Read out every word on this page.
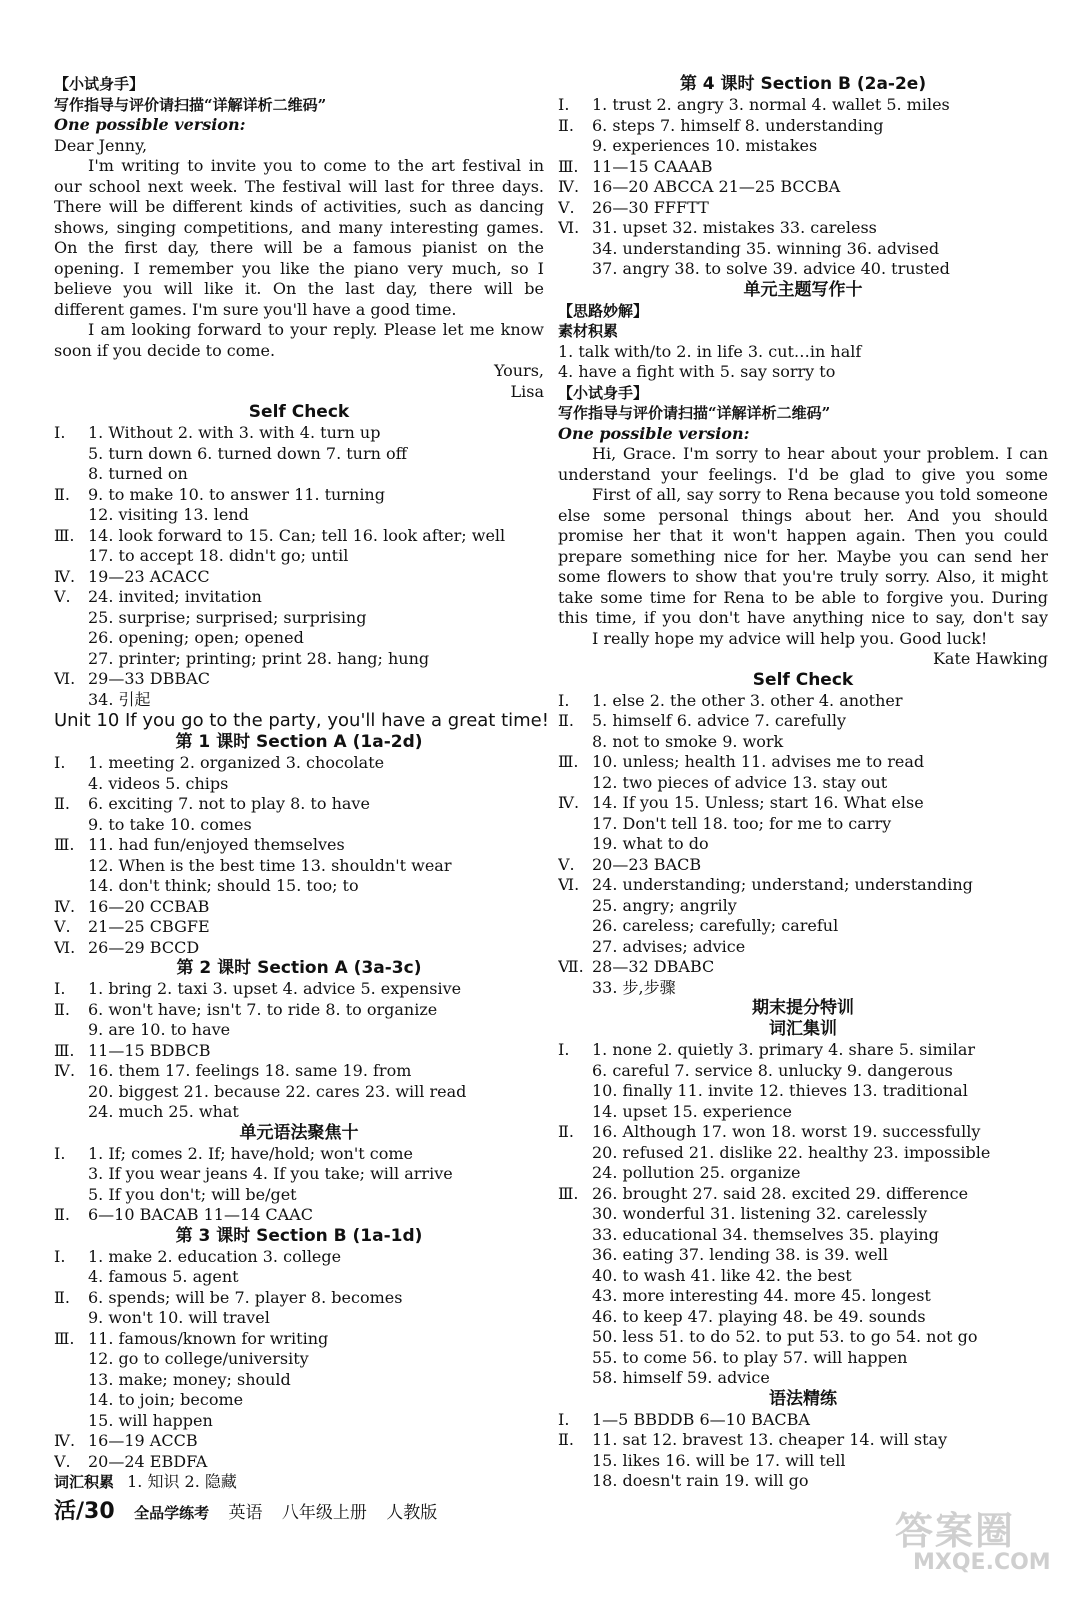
【小试身手】
写作指导与评价请扫描“详解详析二维码”
One possible version:
Dear Jenny,
I'm writing to invite you to come to the art festival in our school next week. The festival will last for three days. There will be different kinds of activities, such as dancing shows, singing competitions, and many interesting games. On the first day, there will be a famous pianist on the opening. I remember you like the piano very much, so I believe you will like it. On the last day, there will be different games. I'm sure you'll have a good time.
I am looking forward to your reply. Please let me know soon if you decide to come.
Yours,
Lisa
Self Check
Ⅰ. 1. Without 2. with 3. with 4. turn up
5. turn down 6. turned down 7. turn off
8. turned on
Ⅱ. 9. to make 10. to answer 11. turning
12. visiting 13. lend
Ⅲ. 14. look forward to 15. Can; tell 16. look after; well
17. to accept 18. didn't go; until
Ⅳ. 19—23 ACACC
Ⅴ. 24. invited; invitation
25. surprise; surprised; surprising
26. opening; open; opened
27. printer; printing; print 28. hang; hung
Ⅵ. 29—33 DBBAC
34. 引起
Unit 10 If you go to the party, you'll have a great time!
第 1 课时 Section A (1a-2d)
Ⅰ. 1. meeting 2. organized 3. chocolate
4. videos 5. chips
Ⅱ. 6. exciting 7. not to play 8. to have
9. to take 10. comes
Ⅲ. 11. had fun/enjoyed themselves
12. When is the best time 13. shouldn't wear
14. don't think; should 15. too; to
Ⅳ. 16—20 CCBAB
Ⅴ. 21—25 CBGFE
Ⅵ. 26—29 BCCD
第 2 课时 Section A (3a-3c)
Ⅰ. 1. bring 2. taxi 3. upset 4. advice 5. expensive
Ⅱ. 6. won't have; isn't 7. to ride 8. to organize
9. are 10. to have
Ⅲ. 11—15 BDBCB
Ⅳ. 16. them 17. feelings 18. same 19. from
20. biggest 21. because 22. cares 23. will read
24. much 25. what
单元语法聚焦十
Ⅰ. 1. If; comes 2. If; have/hold; won't come
3. If you wear jeans 4. If you take; will arrive
5. If you don't; will be/get
Ⅱ. 6—10 BACAB 11—14 CAAC
第 3 课时 Section B (1a-1d)
Ⅰ. 1. make 2. education 3. college
4. famous 5. agent
Ⅱ. 6. spends; will be 7. player 8. becomes
9. won't 10. will travel
Ⅲ. 11. famous/known for writing
12. go to college/university
13. make; money; should
14. to join; become
15. will happen
Ⅳ. 16—19 ACCB
Ⅴ. 20—24 EBDFA
词汇积累 1. 知识 2. 隐藏
第 4 课时 Section B (2a-2e)
Ⅰ. 1. trust 2. angry 3. normal 4. wallet 5. miles
Ⅱ. 6. steps 7. himself 8. understanding
9. experiences 10. mistakes
Ⅲ. 11—15 CAAAB
Ⅳ. 16—20 ABCCA 21—25 BCCBA
Ⅴ. 26—30 FFFTT
Ⅵ. 31. upset 32. mistakes 33. careless
34. understanding 35. winning 36. advised
37. angry 38. to solve 39. advice 40. trusted
单元主题写作十
【思路妙解】
素材积累
1. talk with/to 2. in life 3. cut…in half
4. have a fight with 5. say sorry to
【小试身手】
写作指导与评价请扫描“详解详析二维码”
One possible version:
Hi, Grace. I'm sorry to hear about your problem. I can understand your feelings. I'd be glad to give you some
First of all, say sorry to Rena because you told someone else some personal things about her. And you should promise her that it won't happen again. Then you could prepare something nice for her. Maybe you can send her some flowers to show that you're truly sorry. Also, it might take some time for Rena to be able to forgive you. During this time, if you don't have anything nice to say, don't say
I really hope my advice will help you. Good luck!
Kate Hawking
Self Check
Ⅰ. 1. else 2. the other 3. other 4. another
Ⅱ. 5. himself 6. advice 7. carefully
8. not to smoke 9. work
Ⅲ. 10. unless; health 11. advises me to read
12. two pieces of advice 13. stay out
Ⅳ. 14. If you 15. Unless; start 16. What else
17. Don't tell 18. too; for me to carry
19. what to do
Ⅴ. 20—23 BACB
Ⅵ. 24. understanding; understand; understanding
25. angry; angrily
26. careless; carefully; careful
27. advises; advice
Ⅶ. 28—32 DBABC
33. 步,步骤
期末提分特训
词汇集训
Ⅰ. 1. none 2. quietly 3. primary 4. share 5. similar
6. careful 7. service 8. unlucky 9. dangerous
10. finally 11. invite 12. thieves 13. traditional
14. upset 15. experience
Ⅱ. 16. Although 17. won 18. worst 19. successfully
20. refused 21. dislike 22. healthy 23. impossible
24. pollution 25. organize
Ⅲ. 26. brought 27. said 28. excited 29. difference
30. wonderful 31. listening 32. carelessly
33. educational 34. themselves 35. playing
36. eating 37. lending 38. is 39. well
40. to wash 41. like 42. the best
43. more interesting 44. more 45. longest
46. to keep 47. playing 48. be 49. sounds
50. less 51. to do 52. to put 53. to go 54. not go
55. to come 56. to play 57. will happen
58. himself 59. advice
语法精练
Ⅰ. 1—5 BBDDB 6—10 BACBA
Ⅱ. 11. sat 12. bravest 13. cheaper 14. will stay
15. likes 16. will be 17. will tell
18. doesn't rain 19. will go
活/30 全品学练考 英语 八年级上册 人教版	答案圈
MXQE.COM
